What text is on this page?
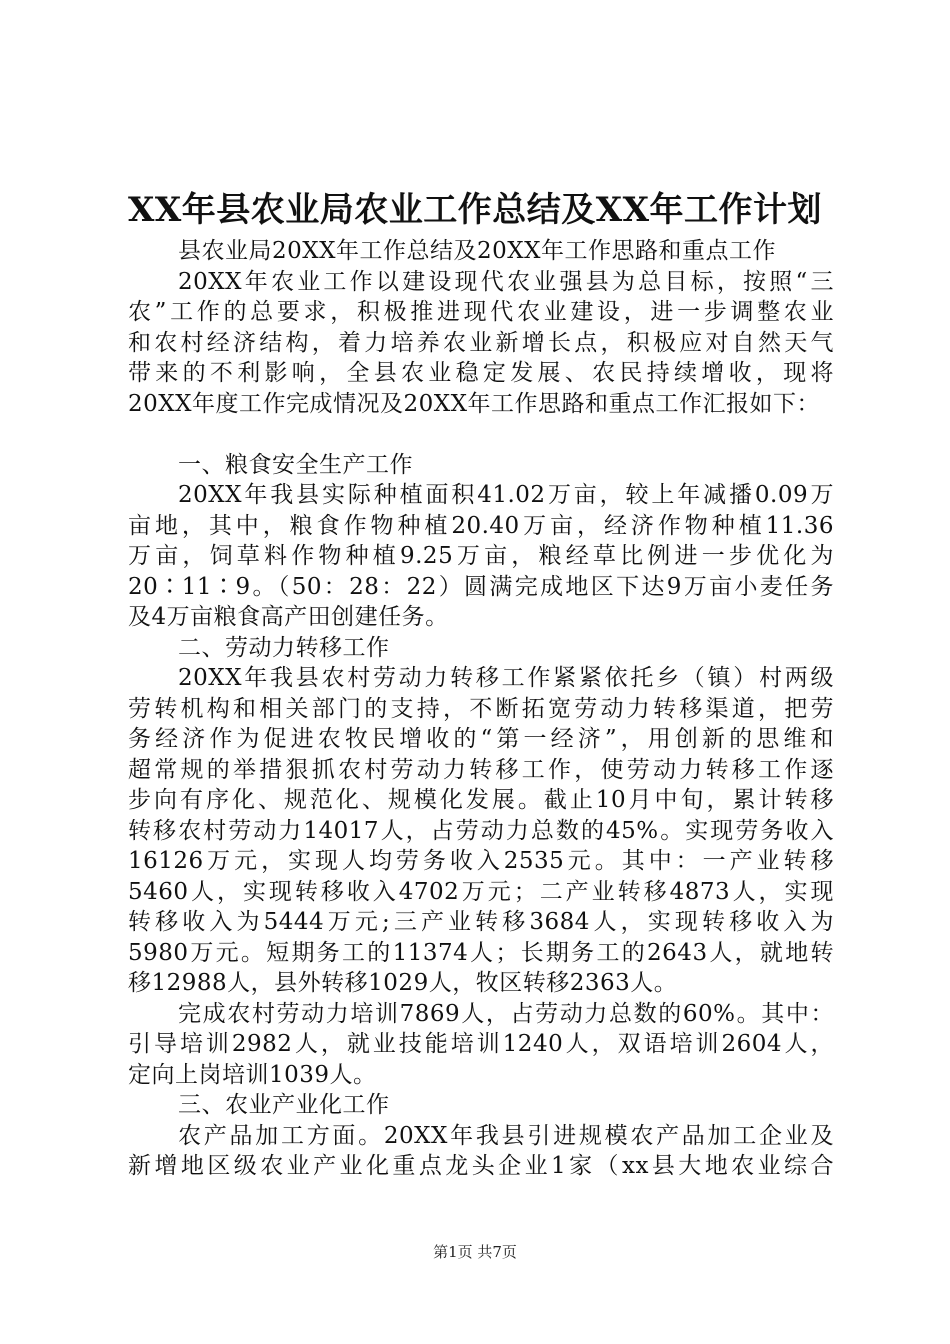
XX年县农业局农业工作总结及XX年工作计划
县农业局20XX年工作总结及20XX年工作思路和重点工作
20XX年农业工作以建设现代农业强县为总目标，按照“三
农”工作的总要求，积极推进现代农业建设，进一步调整农业
和农村经济结构，着力培养农业新增长点，积极应对自然天气
带来的不利影响，全县农业稳定发展、农民持续增收，现将
20XX年度工作完成情况及20XX年工作思路和重点工作汇报如下：
一、粮食安全生产工作
20XX年我县实际种植面积41.02万亩，较上年减播0.09万
亩地，其中，粮食作物种植20.40万亩，经济作物种植11.36
万亩，饲草料作物种植9.25万亩，粮经草比例进一步优化为
20∶11∶9。（50：28：22）圆满完成地区下达9万亩小麦任务
及4万亩粮食高产田创建任务。
二、劳动力转移工作
20XX年我县农村劳动力转移工作紧紧依托乡（镇）村两级
劳转机构和相关部门的支持，不断拓宽劳动力转移渠道，把劳
务经济作为促进农牧民增收的“第一经济”，用创新的思维和
超常规的举措狠抓农村劳动力转移工作，使劳动力转移工作逐
步向有序化、规范化、规模化发展。截止10月中旬，累计转移
转移农村劳动力14017人，占劳动力总数的45%。实现劳务收入
16126万元，实现人均劳务收入2535元。其中：一产业转移
5460人，实现转移收入4702万元；二产业转移4873人，实现
转移收入为5444万元;三产业转移3684人，实现转移收入为
5980万元。短期务工的11374人；长期务工的2643人，就地转
移12988人，县外转移1029人，牧区转移2363人。
完成农村劳动力培训7869人，占劳动力总数的60%。其中：
引导培训2982人，就业技能培训1240人，双语培训2604人，
定向上岗培训1039人。
三、农业产业化工作
农产品加工方面。20XX年我县引进规模农产品加工企业及
新增地区级农业产业化重点龙头企业1家（xx县大地农业综合
第1页 共7页
